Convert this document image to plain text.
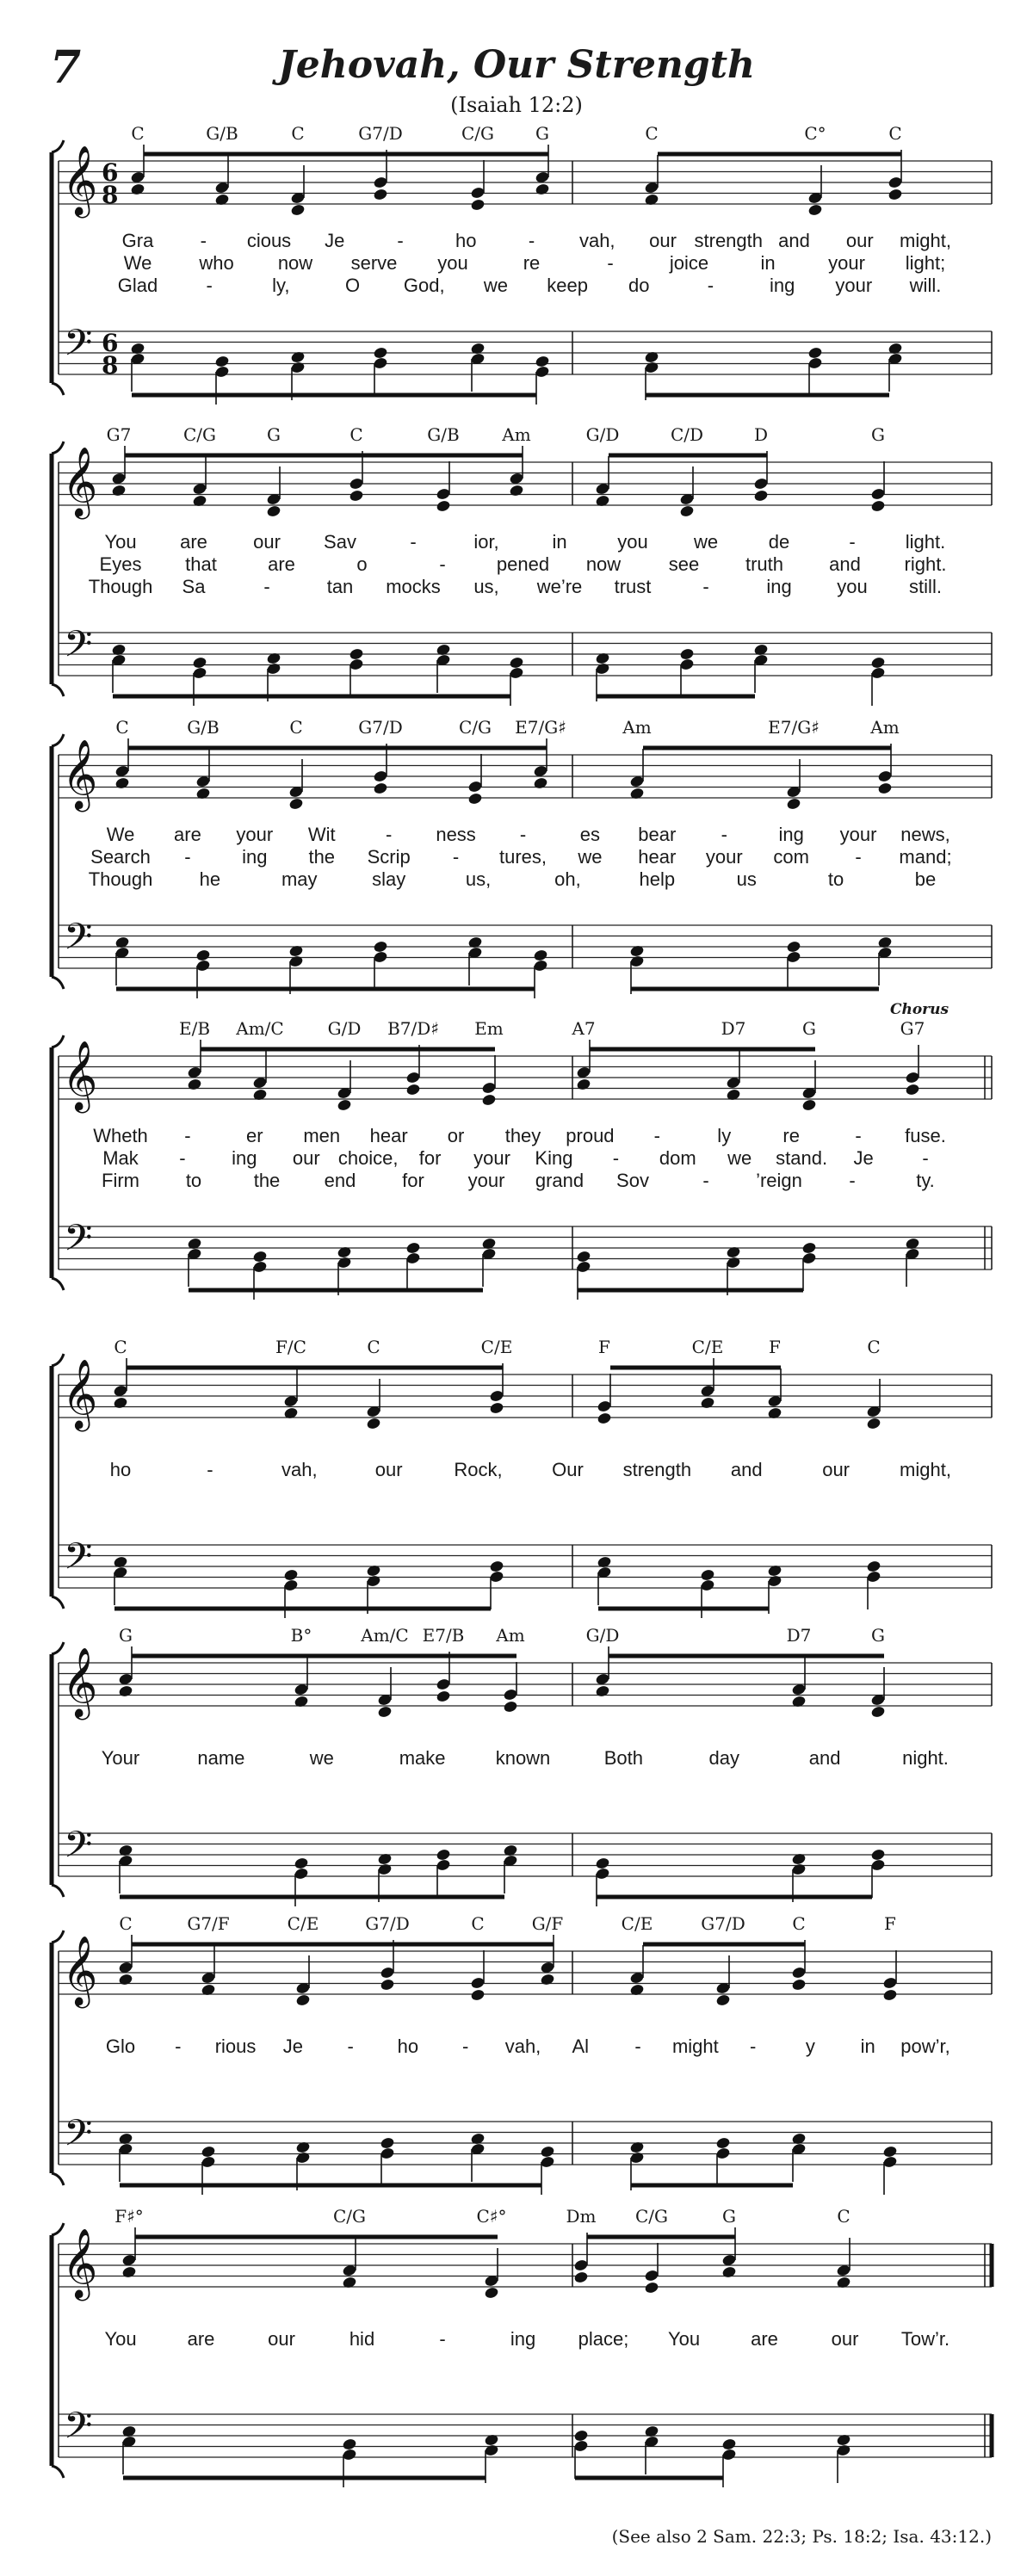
7	Jehovah, Our Strength
(Isaiah 12:2)
𝄞
𝄢
6
8
6
8
C	G/B	C	G7/D	C/G G	C	C°	C
Gra - cious Je	-	ho	- vah, our strength and our might,
We	who now serve you	re	-	joice	in	your light;
Glad	-	ly,	O God, we keep do	-	ing your will.
𝄞
𝄢
G7	C/G	G	C	G/B Am	G/D	C/D	D	G
You are our Sav	-	ior,	in	you we	de	-	light.
Eyes that	are	o	-	pened now	see truth and right.
Though Sa	-	tan mocks us, we’re trust	-	ing you still.
𝄞
𝄢
C	G/B	C	G7/D	C/G E7/G♯	Am	E7/G♯	Am
We are your Wit	- ness -	es bear -	ing your news,
Search -	ing the Scrip - tures, we hear your com - mand;
Though he	may	slay	us,	oh,	help	us	to	be
𝄞
𝄢
E/B Am/C	G/D B7/D♯ Em	A7	D7	G	G7
Chorus
Wheth -	er men hear or they proud -	ly	re	- fuse.
Mak - ing our choice, for your King - dom we stand. Je	-
Firm to	the end for your grand Sov	- ’reign -	ty.
𝄞
𝄢
C	F/C	C	C/E	F	C/E	F	C
ho	-	vah,	our	Rock,	Our strength and	our	might,
𝄞
𝄢
G	B°	Am/C E7/B Am	G/D	D7	G
Your	name	we	make	known	Both	day	and	night.
𝄞
𝄢
C	G7/F	C/E	G7/D	C	G/F	C/E	G7/D	C	F
Glo - rious Je - ho - vah, Al - might -	y in pow’r,
𝄞
𝄢
F♯°	C/G	C♯°	Dm C/G	G	C
You	are	our	hid	-	ing place; You	are	our Tow’r.
(See also 2 Sam. 22:3; Ps. 18:2; Isa. 43:12.)
